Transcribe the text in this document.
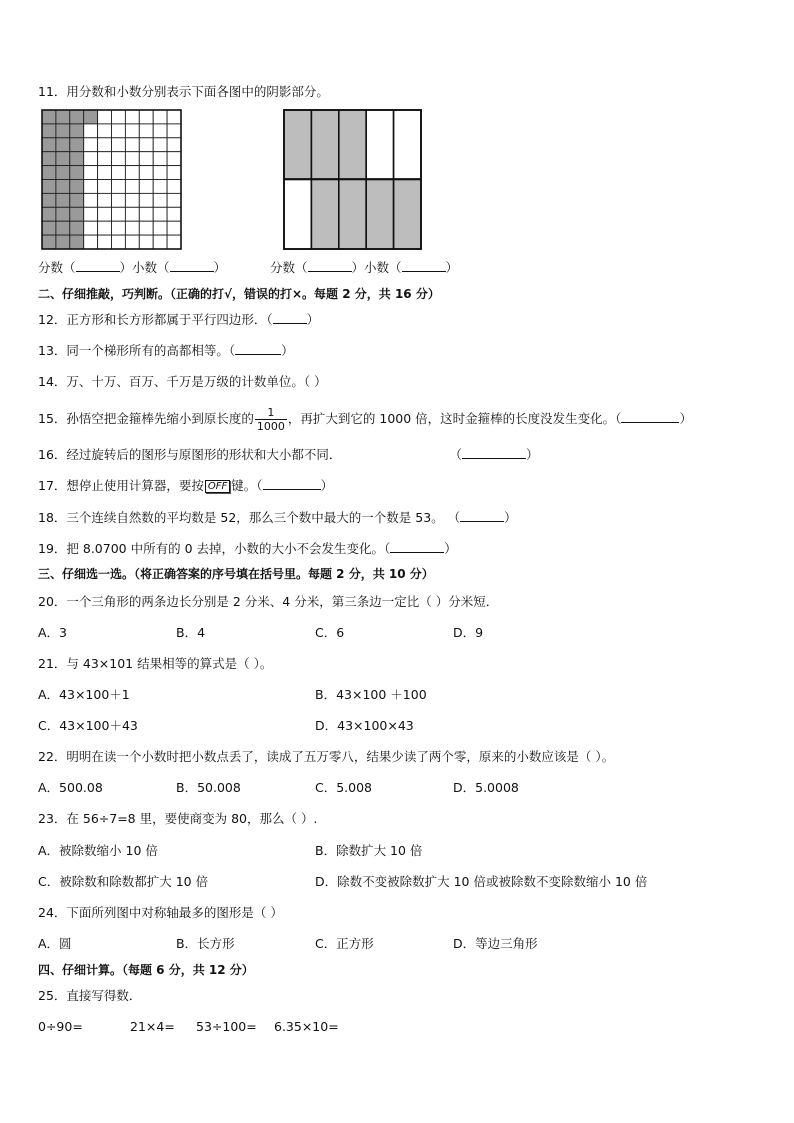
11．用分数和小数分别表示下面各图中的阴影部分。
分数（	）小数（	）	分数（	）小数（	）
二、仔细推敲，巧判断。（正确的打√，错误的打×。每题 2 分，共 16 分）
12．正方形和长方形都属于平行四边形．（	）
13．同一个梯形所有的高都相等。（	）
14．万、十万、百万、千万是万级的计数单位。（ ）
15．孙悟空把金箍棒先缩小到原长度的 $\frac{1}{1000}$ ，再扩大到它的 1000 倍，这时金箍棒的长度没发生变化。（	）
16．经过旋转后的图形与原图形的形状和大小都不同．	（	）
17．想停止使用计算器，要按 OFF 键。（	）
18．三个连续自然数的平均数是 52，那么三个数中最大的一个数是 53。 （	）
19．把 8.0700 中所有的 0 去掉，小数的大小不会发生变化。（	）
三、仔细选一选。（将正确答案的序号填在括号里。每题 2 分，共 10 分）
20．一个三角形的两条边长分别是 2 分米、4 分米，第三条边一定比（ ）分米短．
A．3	B．4	C．6	D．9
21．与 43×101 结果相等的算式是（ ）。
A．43×100＋1	B．43×100 ＋100
C．43×100＋43	D．43×100×43
22．明明在读一个小数时把小数点丢了，读成了五万零八，结果少读了两个零，原来的小数应该是（ ）。
A．500.08	B．50.008	C．5.008	D．5.0008
23．在 56÷7=8 里，要使商变为 80，那么（ ）.
A．被除数缩小 10 倍	B．除数扩大 10 倍
C．被除数和除数都扩大 10 倍	D．除数不变被除数扩大 10 倍或被除数不变除数缩小 10 倍
24．下面所列图中对称轴最多的图形是（ ）
A．圆	B．长方形	C．正方形	D．等边三角形
四、仔细计算。（每题 6 分，共 12 分）
25．直接写得数．
0÷90=	21×4= 53÷100= 6.35×10=
